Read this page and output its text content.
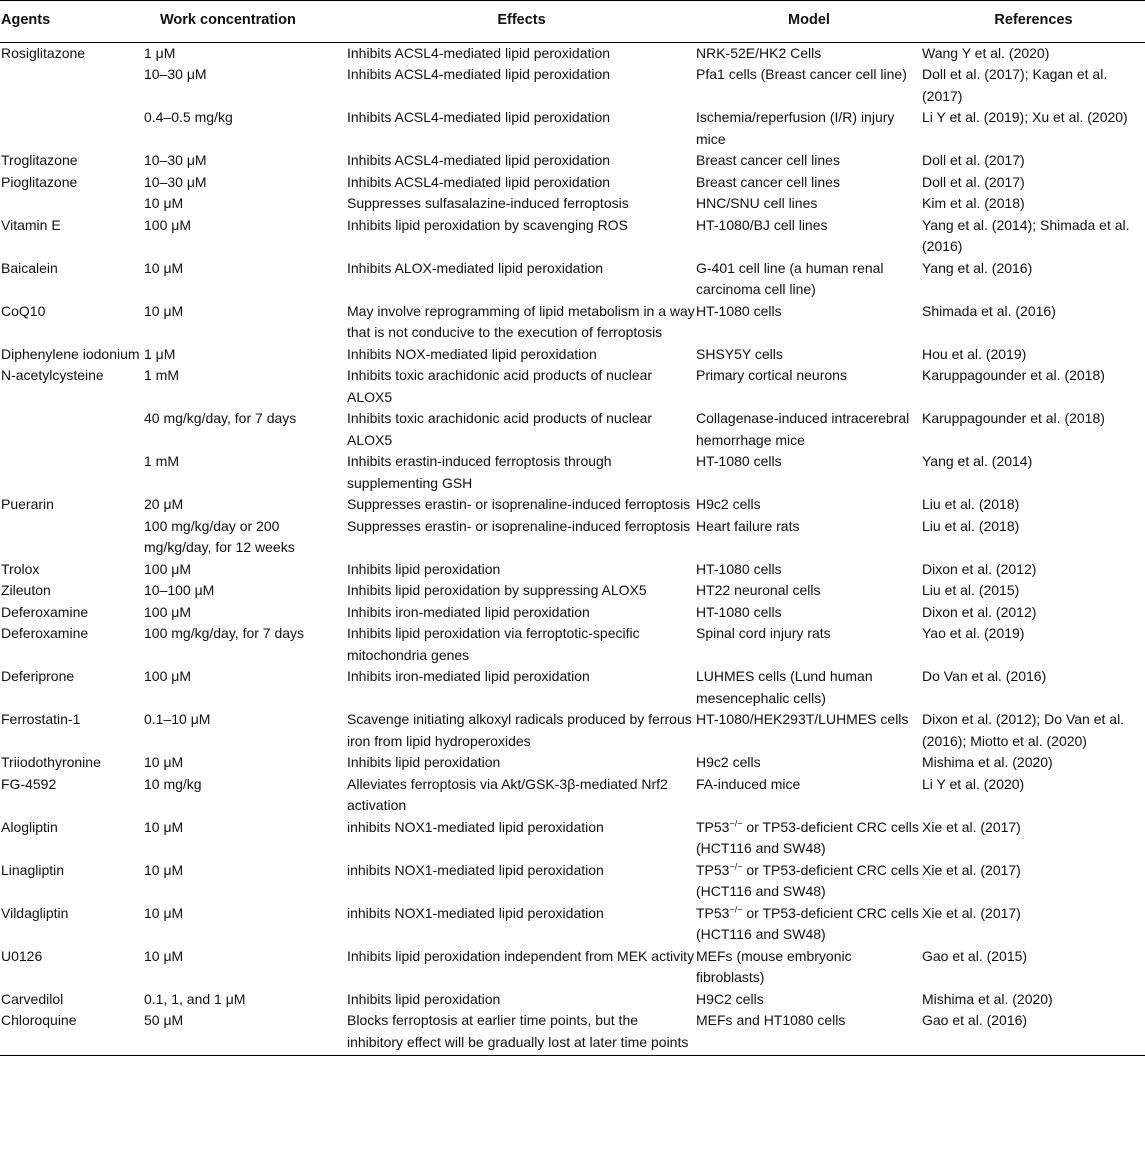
Agents	Work concentration	Effects	Model	References
Rosiglitazone	1 μM	Inhibits ACSL4-mediated lipid peroxidation	NRK-52E/HK2 Cells	Wang Y et al. (2020)
	10–30 μM	Inhibits ACSL4-mediated lipid peroxidation	Pfa1 cells (Breast cancer cell line)	Doll et al. (2017); Kagan et al. (2017)
	0.4–0.5 mg/kg	Inhibits ACSL4-mediated lipid peroxidation	Ischemia/reperfusion (I/R) injury mice	Li Y et al. (2019); Xu et al. (2020)
Troglitazone	10–30 μM	Inhibits ACSL4-mediated lipid peroxidation	Breast cancer cell lines	Doll et al. (2017)
Pioglitazone	10–30 μM	Inhibits ACSL4-mediated lipid peroxidation	Breast cancer cell lines	Doll et al. (2017)
	10 μM	Suppresses sulfasalazine-induced ferroptosis	HNC/SNU cell lines	Kim et al. (2018)
Vitamin E	100 μM	Inhibits lipid peroxidation by scavenging ROS	HT-1080/BJ cell lines	Yang et al. (2014); Shimada et al. (2016)
Baicalein	10 μM	Inhibits ALOX-mediated lipid peroxidation	G-401 cell line (a human renal carcinoma cell line)	Yang et al. (2016)
CoQ10	10 μM	May involve reprogramming of lipid metabolism in a way that is not conducive to the execution of ferroptosis	HT-1080 cells	Shimada et al. (2016)
Diphenylene iodonium	1 μM	Inhibits NOX-mediated lipid peroxidation	SHSY5Y cells	Hou et al. (2019)
N-acetylcysteine	1 mM	Inhibits toxic arachidonic acid products of nuclear ALOX5	Primary cortical neurons	Karuppagounder et al. (2018)
	40 mg/kg/day, for 7 days	Inhibits toxic arachidonic acid products of nuclear ALOX5	Collagenase-induced intracerebral hemorrhage mice	Karuppagounder et al. (2018)
	1 mM	Inhibits erastin-induced ferroptosis through supplementing GSH	HT-1080 cells	Yang et al. (2014)
Puerarin	20 μM	Suppresses erastin- or isoprenaline-induced ferroptosis	H9c2 cells	Liu et al. (2018)
	100 mg/kg/day or 200 mg/kg/day, for 12 weeks	Suppresses erastin- or isoprenaline-induced ferroptosis	Heart failure rats	Liu et al. (2018)
Trolox	100 μM	Inhibits lipid peroxidation	HT-1080 cells	Dixon et al. (2012)
Zileuton	10–100 μM	Inhibits lipid peroxidation by suppressing ALOX5	HT22 neuronal cells	Liu et al. (2015)
Deferoxamine	100 μM	Inhibits iron-mediated lipid peroxidation	HT-1080 cells	Dixon et al. (2012)
Deferoxamine	100 mg/kg/day, for 7 days	Inhibits lipid peroxidation via ferroptotic-specific mitochondria genes	Spinal cord injury rats	Yao et al. (2019)
Deferiprone	100 μM	Inhibits iron-mediated lipid peroxidation	LUHMES cells (Lund human mesencephalic cells)	Do Van et al. (2016)
Ferrostatin-1	0.1–10 μM	Scavenge initiating alkoxyl radicals produced by ferrous iron from lipid hydroperoxides	HT-1080/HEK293T/LUHMES cells	Dixon et al. (2012); Do Van et al. (2016); Miotto et al. (2020)
Triiodothyronine	10 μM	Inhibits lipid peroxidation	H9c2 cells	Mishima et al. (2020)
FG-4592	10 mg/kg	Alleviates ferroptosis via Akt/GSK-3β-mediated Nrf2 activation	FA-induced mice	Li Y et al. (2020)
Alogliptin	10 μM	inhibits NOX1-mediated lipid peroxidation	TP53−/− or TP53-deficient CRC cells (HCT116 and SW48)	Xie et al. (2017)
Linagliptin	10 μM	inhibits NOX1-mediated lipid peroxidation	TP53−/− or TP53-deficient CRC cells (HCT116 and SW48)	Xie et al. (2017)
Vildagliptin	10 μM	inhibits NOX1-mediated lipid peroxidation	TP53−/− or TP53-deficient CRC cells (HCT116 and SW48)	Xie et al. (2017)
U0126	10 μM	Inhibits lipid peroxidation independent from MEK activity	MEFs (mouse embryonic fibroblasts)	Gao et al. (2015)
Carvedilol	0.1, 1, and 1 μM	Inhibits lipid peroxidation	H9C2 cells	Mishima et al. (2020)
Chloroquine	50 μM	Blocks ferroptosis at earlier time points, but the inhibitory effect will be gradually lost at later time points	MEFs and HT1080 cells	Gao et al. (2016)
